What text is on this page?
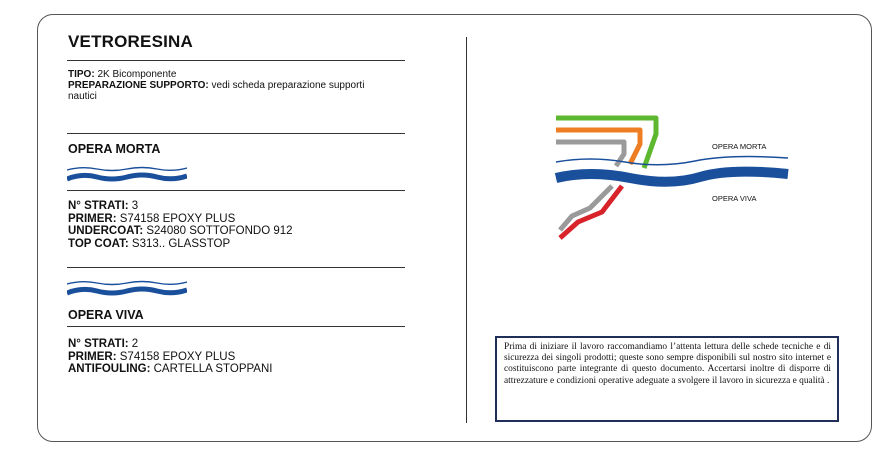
VETRORESINA
TIPO: 2K Bicomponente
PREPARAZIONE SUPPORTO: vedi scheda preparazione supporti nautici
OPERA MORTA
N° STRATI: 3
PRIMER: S74158 EPOXY PLUS
UNDERCOAT: S24080 SOTTOFONDO 912
TOP COAT: S313.. GLASSTOP
OPERA VIVA
N° STRATI: 2
PRIMER: S74158 EPOXY PLUS
ANTIFOULING: CARTELLA STOPPANI
OPERA MORTA
OPERA VIVA
Prima di iniziare il lavoro raccomandiamo l’attenta lettura delle schede tecniche e di sicurezza dei singoli prodotti; queste sono sempre disponibili sul nostro sito internet e costituiscono parte integrante di questo documento. Accertarsi inoltre di disporre di attrezzature e condizioni operative adeguate a svolgere il lavoro in sicurezza e qualità .
